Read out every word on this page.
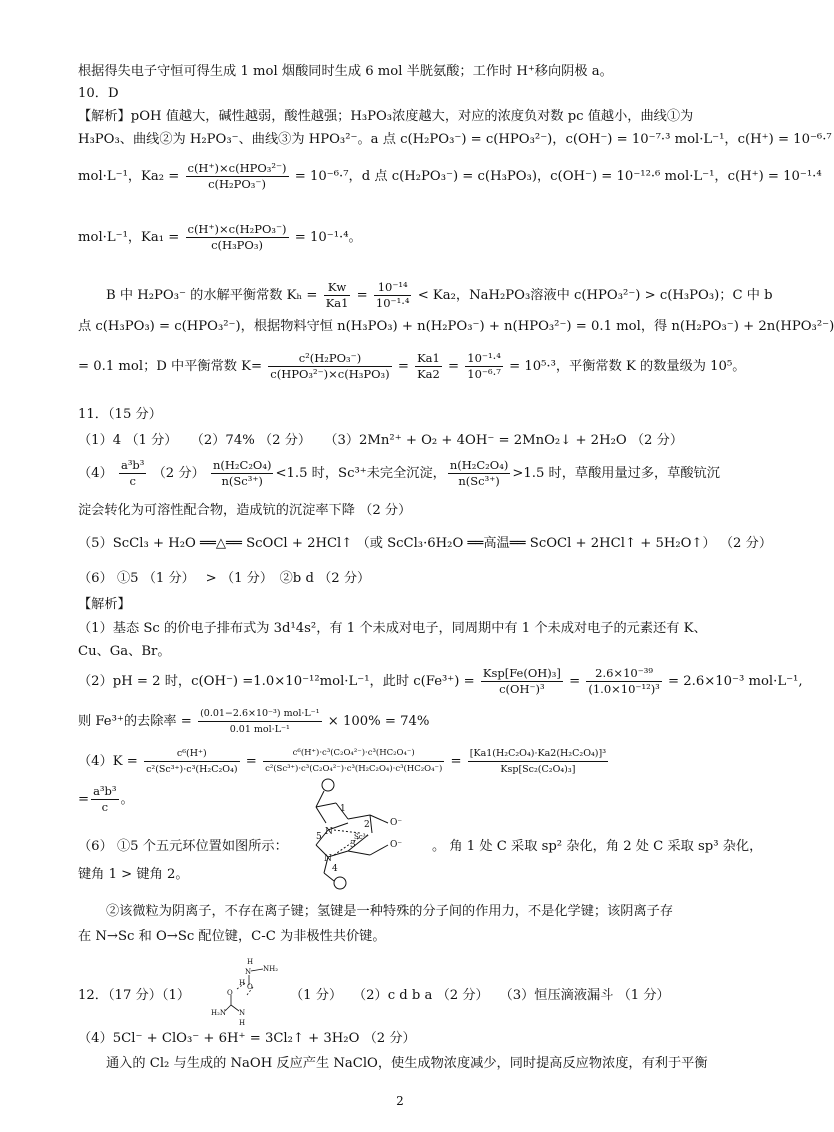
根据得失电子守恒可得生成 1 mol 烟酸同时生成 6 mol 半胱氨酸；工作时 H⁺移向阴极 a。
10．D
【解析】pOH 值越大，碱性越弱，酸性越强；H₃PO₃浓度越大，对应的浓度负对数 pc 值越小，曲线①为
H₃PO₃、曲线②为 H₂PO₃⁻、曲线③为 HPO₃²⁻。a 点 c(H₂PO₃⁻) = c(HPO₃²⁻)，c(OH⁻) = 10⁻⁷·³ mol·L⁻¹，c(H⁺) = 10⁻⁶·⁷
mol·L⁻¹，$Ka_2 = \frac{\text{c(H⁺)×c(HPO₃²⁻)}}{\text{c(H₂PO₃⁻)}} = 10^{-6}\cdot^7$，d 点 c(H₂PO₃⁻) = c(H₃PO₃)，c(OH⁻) = 10⁻¹²·⁶ mol·L⁻¹，c(H⁺) = 10⁻¹·⁴
mol·L⁻¹，$Ka_1 = \frac{\text{c(H⁺)×c(H₂PO₃⁻)}}{\text{c(H₃PO₃)}} = 10^{-1}\cdot^4$。
B 中 H₂PO₃⁻ 的水解平衡常数 $K_h = \frac{Kw}{Ka1} = \frac{\text{10⁻¹⁴}}{\text{10⁻¹·⁴}} < Ka_2$，NaH₂PO₃溶液中 c(HPO₃²⁻) > c(H₃PO₃)；C 中 b
点 c(H₃PO₃) = c(HPO₃²⁻)，根据物料守恒 n(H₃PO₃) + n(H₂PO₃⁻) + n(HPO₃²⁻) = 0.1 mol，得 n(H₂PO₃⁻) + 2n(HPO₃²⁻)
= 0.1 mol；D 中平衡常数 $K= \frac{\text{c²(H₂PO₃⁻)}}{\text{c(HPO₃²⁻)×c(H₃PO₃)}} = \frac{Ka1}{Ka2} = \frac{\text{10⁻¹·⁴}}{\text{10⁻⁶·⁷}} = 10^5\cdot^3$，平衡常数 K 的数量级为 10⁵。
11．（15 分）
（1）4 （1 分）　　（2）74% （2 分）　　（3）2Mn²⁺ + O₂ + 4OH⁻ = 2MnO₂↓ + 2H₂O （2 分）
$(4) \frac{\text{a³b³}}{c} (2$ 分） $\frac{\text{n(H₂C₂O₄)}}{\text{n(Sc³⁺)}} <1.5$ 时，Sc³⁺未完全沉淀， $\frac{\text{n(H₂C₂O₄)}}{\text{n(Sc³⁺)}} >1.5$ 时，草酸用量过多，草酸钪沉
淀会转化为可溶性配合物，造成钪的沉淀率下降 （2 分）
（5）ScCl₃ + H₂O ══△══ ScOCl + 2HCl↑ （或 ScCl₃·6H₂O ══高温══ ScOCl + 2HCl↑ + 5H₂O↑） （2 分）
（6） ①5 （1 分）　 > （1 分）　②b d （2 分）
【解析】
（1）基态 Sc 的价电子排布式为 3d¹4s²，有 1 个未成对电子，同周期中有 1 个未成对电子的元素还有 K、
Cu、Ga、Br。
（2）pH = 2 时，c(OH⁻) =1.0×10⁻¹²mol·L⁻¹，此时 $c(Fe^{3+}) = \frac{\text{Ksp[Fe(OH)₃]}}{\text{c(OH⁻)³}} = \frac{\text{2.6×10⁻³⁹}}{\text{(1.0×10⁻¹²)³}} = 2.6\times 10^{-3}$ mol·L⁻¹,
则 Fe³⁺的去除率 = $\frac{\text{(0.01−2.6×10⁻³) mol·L⁻¹}}{\text{0.01 mol·L⁻¹}} \times 100\% = 74\%$
$(4)K = \frac{\text{c⁶(H⁺)}}{\text{c²(Sc³⁺)·c³(H₂C₂O₄)}} = \frac{\text{c⁶(H⁺)·c³(C₂O₄²⁻)·c³(HC₂O₄⁻)}}{\text{c²(Sc³⁺)·c³(C₂O₄²⁻)·c³(H₂C₂O₄)·c³(HC₂O₄⁻)}} = \frac{\text{[Ka1(H₂C₂O₄)·Ka2(H₂C₂O₄)]³}}{\text{Ksp[Sc₂(C₂O₄)₃]}}$
= $\frac{\text{a³b³}}{c}$ 。
（6） ①5 个五元环位置如图所示：
N
N
Sc³⁺
O⁻
O⁻
1
2
3
4
5
。 角 1 处 C 采取 sp² 杂化，角 2 处 C 采取 sp³ 杂化，
键角 1 > 键角 2。
②该微粒为阴离子，不存在离子键；氢键是一种特殊的分子间的作用力，不是化学键；该阴离子存
在 N→Sc 和 O→Sc 配位键，C-C 为非极性共价键。
12．（17 分）（1）
H
N NH₂
O
O
H
H₂N N
H
（1 分）　 （2）c d b a （2 分）　 （3）恒压滴液漏斗 （1 分）
（4）5Cl⁻ + ClO₃⁻ + 6H⁺ = 3Cl₂↑ + 3H₂O （2 分）
通入的 Cl₂ 与生成的 NaOH 反应产生 NaClO，使生成物浓度减少，同时提高反应物浓度，有利于平衡
2
